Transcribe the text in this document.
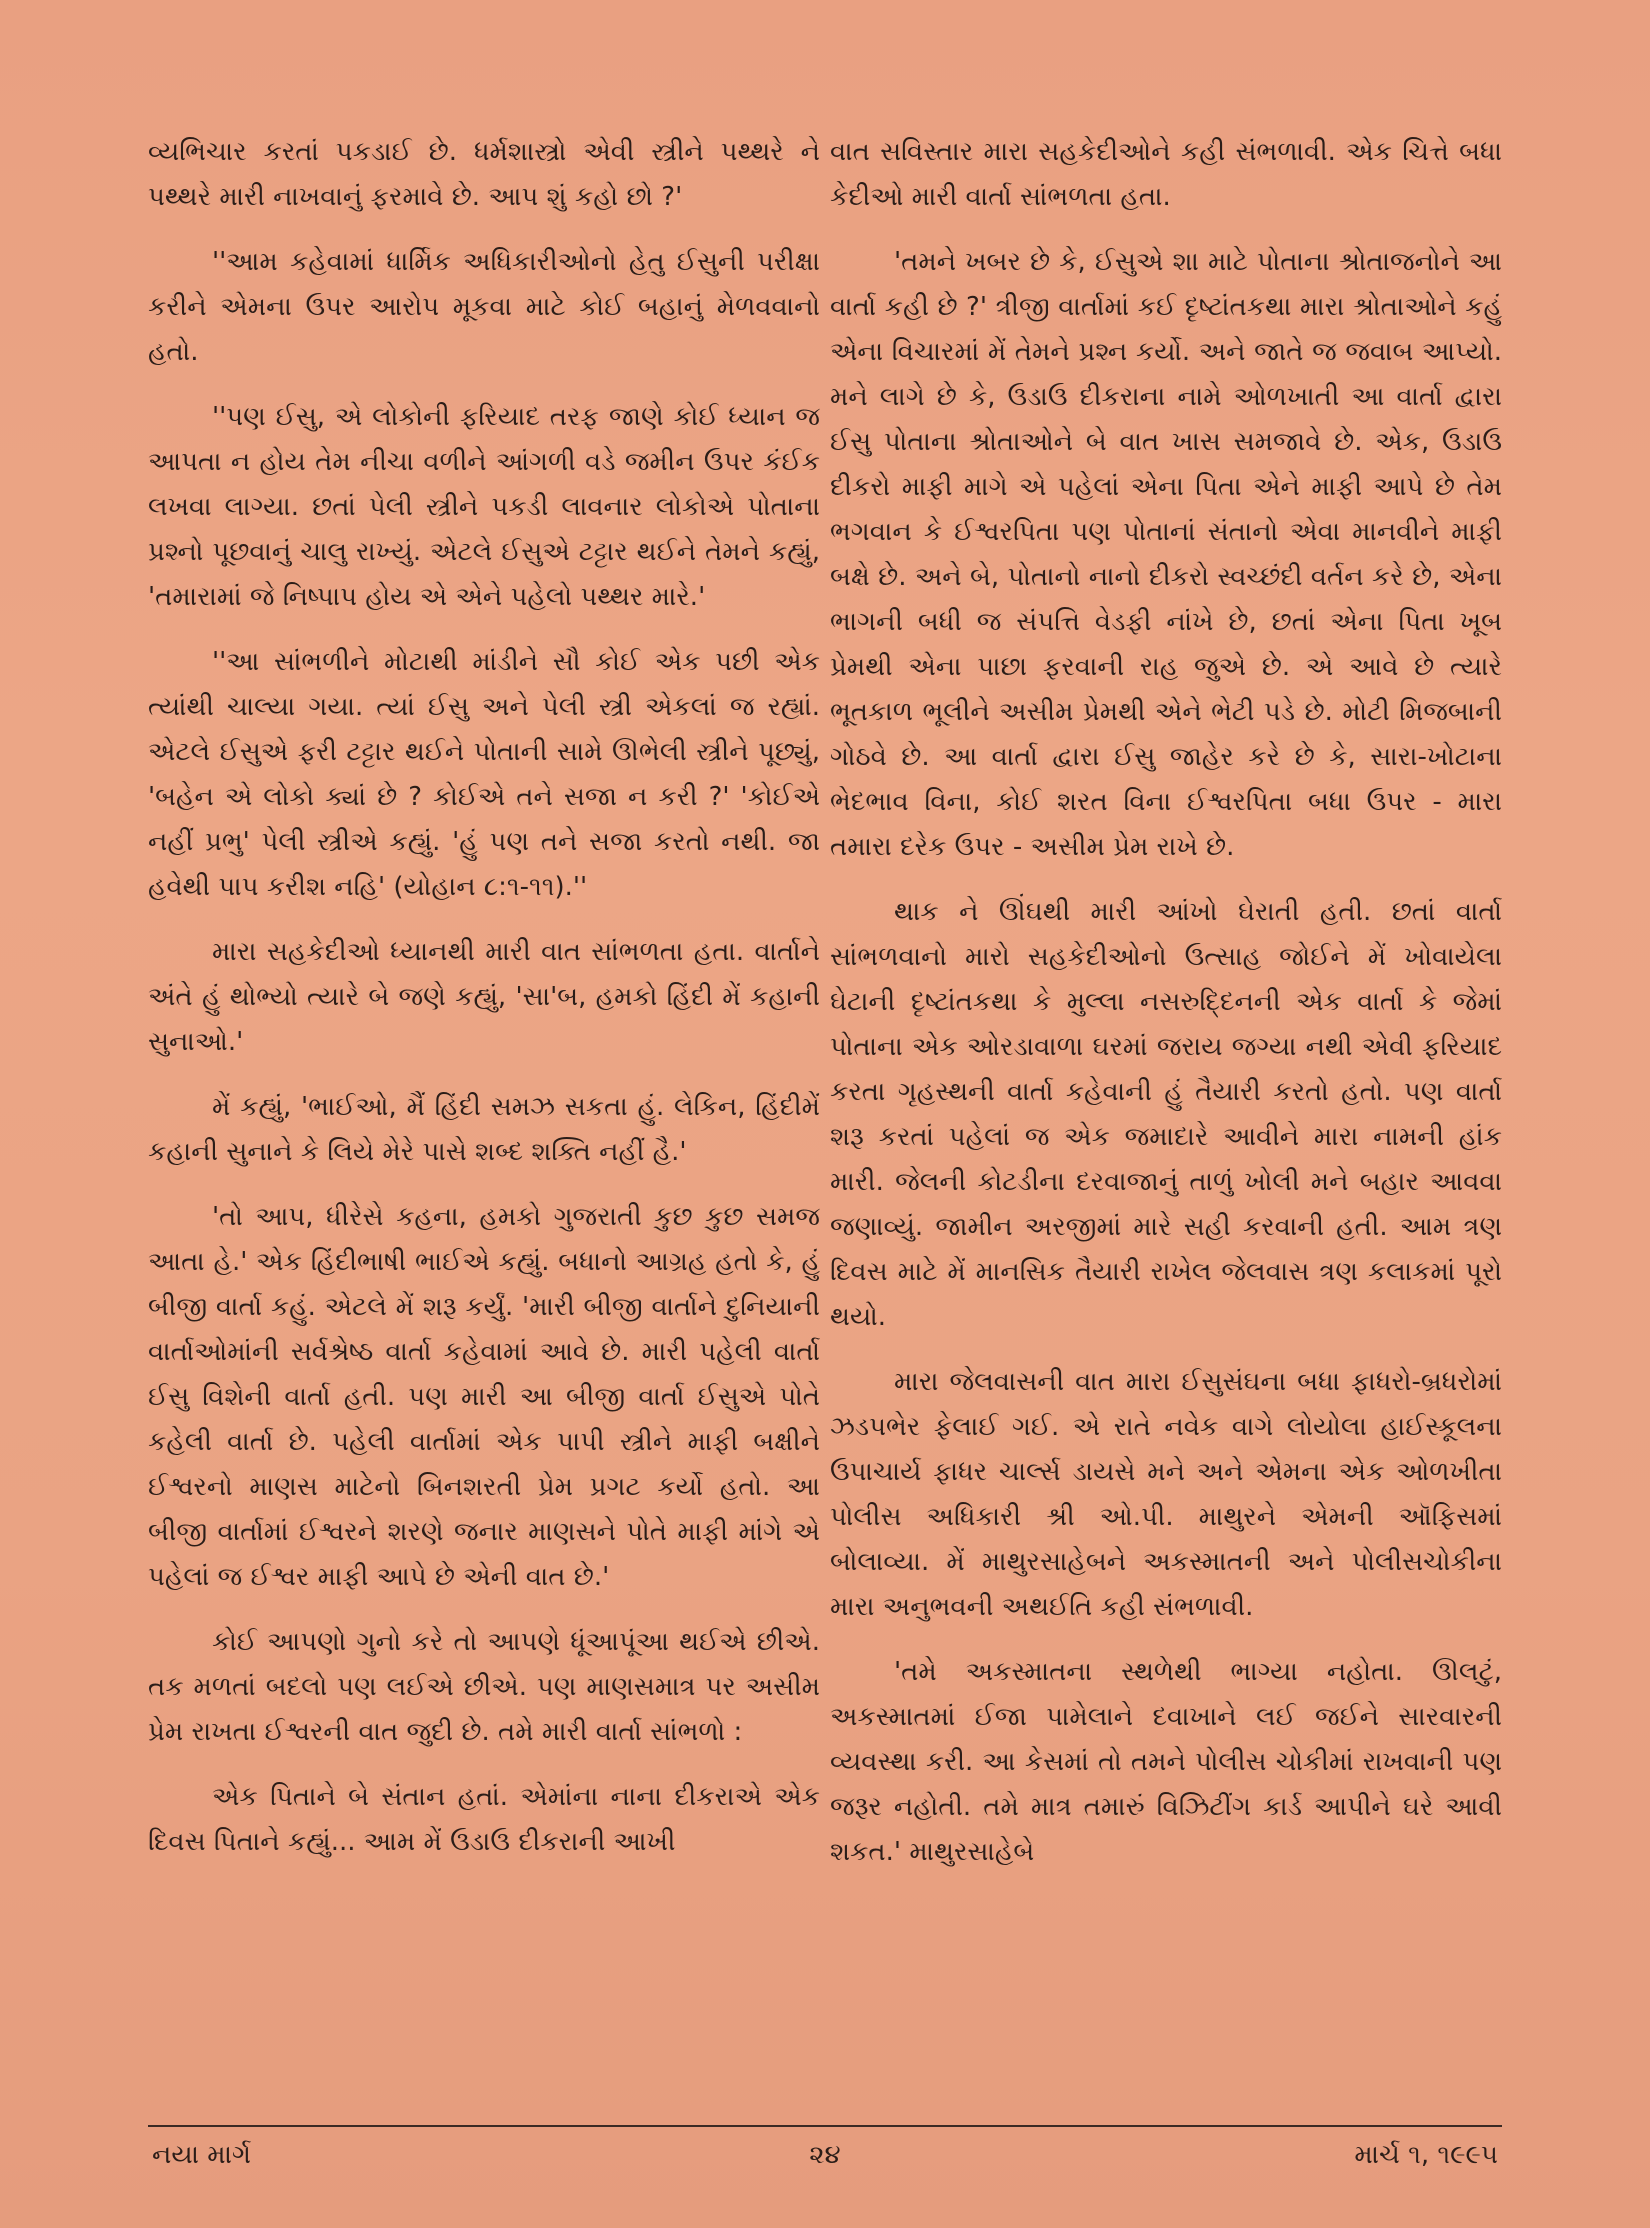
વ્યભિચાર કરતાં પકડાઈ છે. ધર્મશાસ્ત્રો એવી સ્ત્રીને પથ્થરે ને પથ્થરે મારી નાખવાનું ફરમાવે છે. આપ શું કહો છો ?'

''આમ કહેવામાં ધાર્મિક અધિકારીઓનો હેતુ ઈસુની પરીક્ષા કરીને એમના ઉપર આરોપ મૂકવા માટે કોઈ બહાનું મેળવવાનો હતો.

''પણ ઈસુ, એ લોકોની ફરિયાદ તરફ જાણે કોઈ ધ્યાન જ આપતા ન હોય તેમ નીચા વળીને આંગળી વડે જમીન ઉપર કંઈક લખવા લાગ્યા. છતાં પેલી સ્ત્રીને પકડી લાવનાર લોકોએ પોતાના પ્રશ્નો પૂછવાનું ચાલુ રાખ્યું. એટલે ઈસુએ ટટ્ટાર થઈને તેમને કહ્યું, 'તમારામાં જે નિષ્પાપ હોય એ એને પહેલો પથ્થર મારે.'

''આ સાંભળીને મોટાથી માંડીને સૌ કોઈ એક પછી એક ત્યાંથી ચાલ્યા ગયા. ત્યાં ઈસુ અને પેલી સ્ત્રી એકલાં જ રહ્યાં. એટલે ઈસુએ ફરી ટટ્ટાર થઈને પોતાની સામે ઊભેલી સ્ત્રીને પૂછ્યું, 'બહેન એ લોકો ક્યાં છે ? કોઈએ તને સજા ન કરી ?' 'કોઈએ નહીં પ્રભુ' પેલી સ્ત્રીએ કહ્યું. 'હું પણ તને સજા કરતો નથી. જા હવેથી પાપ કરીશ નહિ' (યોહાન ૮:૧-૧૧).''

મારા સહકેદીઓ ધ્યાનથી મારી વાત સાંભળતા હતા. વાર્તાને અંતે હું થોભ્યો ત્યારે બે જણે કહ્યું, 'સા'બ, હમકો હિંદી મેં કહાની સુનાઓ.'

મેં કહ્યું, 'ભાઈઓ, મૈં હિંદી સમઝ સકતા હું. લેકિન, હિંદીમેં કહાની સુનાને કે લિયે મેરે પાસે શબ્દ શક્તિ નહીં હૈ.'

'તો આપ, ધીરેસે કહના, હમકો ગુજરાતી કુછ કુછ સમજ આતા હે.' એક હિંદીભાષી ભાઈએ કહ્યું. બધાનો આગ્રહ હતો કે, હું બીજી વાર્તા કહું. એટલે મેં શરૂ કર્યું. 'મારી બીજી વાર્તાને દુનિયાની વાર્તાઓમાંની સર્વશ્રેષ્ઠ વાર્તા કહેવામાં આવે છે. મારી પહેલી વાર્તા ઈસુ વિશેની વાર્તા હતી. પણ મારી આ બીજી વાર્તા ઈસુએ પોતે કહેલી વાર્તા છે. પહેલી વાર્તામાં એક પાપી સ્ત્રીને માફી બક્ષીને ઈશ્વરનો માણસ માટેનો બિનશરતી પ્રેમ પ્રગટ કર્યો હતો. આ બીજી વાર્તામાં ઈશ્વરને શરણે જનાર માણસને પોતે માફી માંગે એ પહેલાં જ ઈશ્વર માફી આપે છે એની વાત છે.'

કોઈ આપણો ગુનો કરે તો આપણે ધૂંઆપૂંઆ થઈએ છીએ. તક મળતાં બદલો પણ લઈએ છીએ. પણ માણસમાત્ર પર અસીમ પ્રેમ રાખતા ઈશ્વરની વાત જુદી છે. તમે મારી વાર્તા સાંભળો :

એક પિતાને બે સંતાન હતાં. એમાંના નાના દીકરાએ એક દિવસ પિતાને કહ્યું... આમ મેં ઉડાઉ દીકરાની આખી

વાત સવિસ્તાર મારા સહકેદીઓને કહી સંભળાવી. એક ચિત્તે બધા કેદીઓ મારી વાર્તા સાંભળતા હતા.

'તમને ખબર છે કે, ઈસુએ શા માટે પોતાના શ્રોતાજનોને આ વાર્તા કહી છે ?' ત્રીજી વાર્તામાં કઈ દૃષ્ટાંતકથા મારા શ્રોતાઓને કહું એના વિચારમાં મેં તેમને પ્રશ્ન કર્યો. અને જાતે જ જવાબ આપ્યો. મને લાગે છે કે, ઉડાઉ દીકરાના નામે ઓળખાતી આ વાર્તા દ્વારા ઈસુ પોતાના શ્રોતાઓને બે વાત ખાસ સમજાવે છે. એક, ઉડાઉ દીકરો માફી માગે એ પહેલાં એના પિતા એને માફી આપે છે તેમ ભગવાન કે ઈશ્વરપિતા પણ પોતાનાં સંતાનો એવા માનવીને માફી બક્ષે છે. અને બે, પોતાનો નાનો દીકરો સ્વચ્છંદી વર્તન કરે છે, એના ભાગની બધી જ સંપત્તિ વેડફી નાંખે છે, છતાં એના પિતા ખૂબ પ્રેમથી એના પાછા ફરવાની રાહ જુએ છે. એ આવે છે ત્યારે ભૂતકાળ ભૂલીને અસીમ પ્રેમથી એને ભેટી પડે છે. મોટી મિજબાની ગોઠવે છે. આ વાર્તા દ્વારા ઈસુ જાહેર કરે છે કે, સારા-ખોટાના ભેદભાવ વિના, કોઈ શરત વિના ઈશ્વરપિતા બધા ઉપર - મારા તમારા દરેક ઉપર - અસીમ પ્રેમ રાખે છે.

થાક ને ઊંઘથી મારી આંખો ઘેરાતી હતી. છતાં વાર્તા સાંભળવાનો મારો સહકેદીઓનો ઉત્સાહ જોઈને મેં ખોવાયેલા ઘેટાની દૃષ્ટાંતકથા કે મુલ્લા નસરુદ્દિનની એક વાર્તા કે જેમાં પોતાના એક ઓરડાવાળા ઘરમાં જરાય જગ્યા નથી એવી ફરિયાદ કરતા ગૃહસ્થની વાર્તા કહેવાની હું તૈયારી કરતો હતો. પણ વાર્તા શરૂ કરતાં પહેલાં જ એક જમાદારે આવીને મારા નામની હાંક મારી. જેલની કોટડીના દરવાજાનું તાળું ખોલી મને બહાર આવવા જણાવ્યું. જામીન અરજીમાં મારે સહી કરવાની હતી. આમ ત્રણ દિવસ માટે મેં માનસિક તૈયારી રાખેલ જેલવાસ ત્રણ કલાકમાં પૂરો થયો.

મારા જેલવાસની વાત મારા ઈસુસંઘના બધા ફાધરો-બ્રધરોમાં ઝડપભેર ફેલાઈ ગઈ. એ રાતે નવેક વાગે લોયોલા હાઈસ્કૂલના ઉપાચાર્ય ફાધર ચાર્લ્સ ડાયસે મને અને એમના એક ઓળખીતા પોલીસ અધિકારી શ્રી ઓ.પી. માથુરને એમની ઑફિસમાં બોલાવ્યા. મેં માથુરસાહેબને અકસ્માતની અને પોલીસચોકીના મારા અનુભવની અથઈતિ કહી સંભળાવી.

'તમે અકસ્માતના સ્થળેથી ભાગ્યા નહોતા. ઊલટું, અકસ્માતમાં ઈજા પામેલાને દવાખાને લઈ જઈને સારવારની વ્યવસ્થા કરી. આ કેસમાં તો તમને પોલીસ ચોકીમાં રાખવાની પણ જરૂર નહોતી. તમે માત્ર તમારું વિઝિટીંગ કાર્ડ આપીને ઘરે આવી શકત.' માથુરસાહેબે

નયા માર્ગ	૨૪	માર્ચ ૧, ૧૯૯૫
